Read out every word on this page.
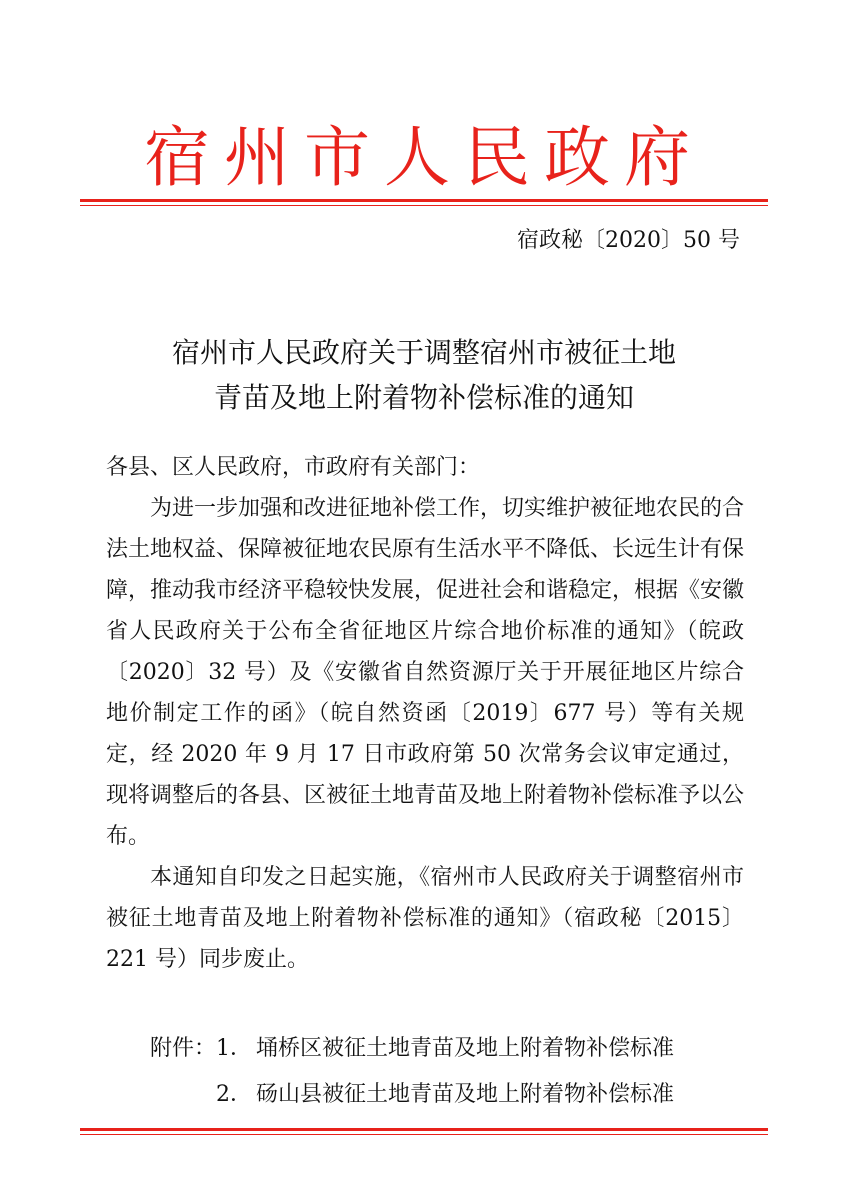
宿州市人民政府
宿政秘〔2020〕50 号
宿州市人民政府关于调整宿州市被征土地
青苗及地上附着物补偿标准的通知

各县、区人民政府，市政府有关部门：

为进一步加强和改进征地补偿工作，切实维护被征地农民的合法土地权益、保障被征地农民原有生活水平不降低、长远生计有保障，推动我市经济平稳较快发展，促进社会和谐稳定，根据《安徽省人民政府关于公布全省征地区片综合地价标准的通知》（皖政〔2020〕32 号）及《安徽省自然资源厅关于开展征地区片综合地价制定工作的函》（皖自然资函〔2019〕677 号）等有关规定，经 2020 年 9 月 17 日市政府第 50 次常务会议审定通过，现将调整后的各县、区被征土地青苗及地上附着物补偿标准予以公布。

本通知自印发之日起实施，《宿州市人民政府关于调整宿州市被征土地青苗及地上附着物补偿标准的通知》（宿政秘〔2015〕221 号）同步废止。

附件： 1． 埇桥区被征土地青苗及地上附着物补偿标准
2． 砀山县被征土地青苗及地上附着物补偿标准
